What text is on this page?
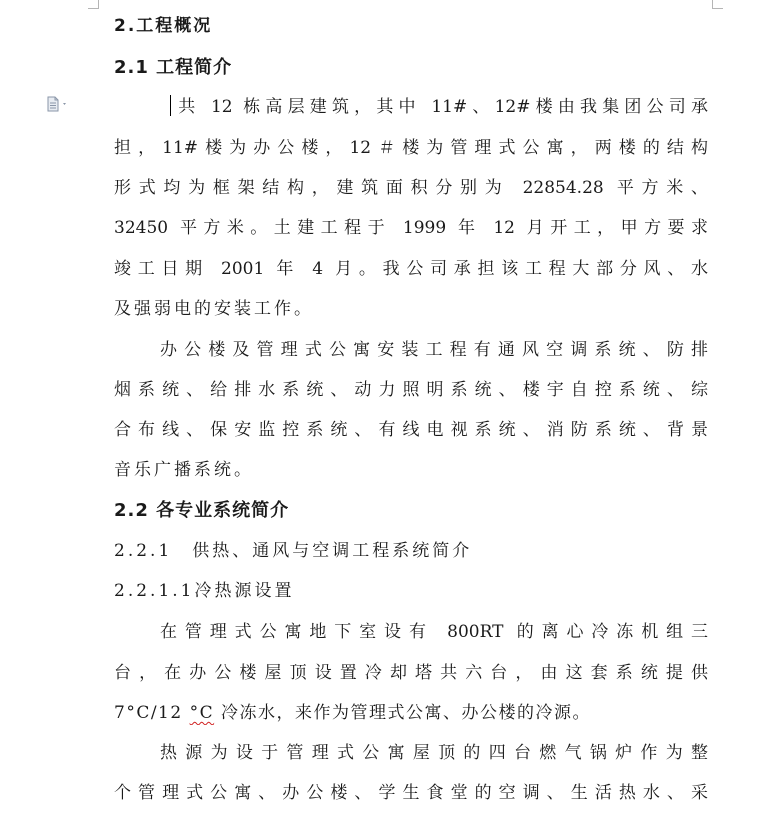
2.工程概况
2.1 工程简介
共 12 栋高层建筑，其中 11#、12#楼由我集团公司承
担，11#楼为办公楼，12＃楼为管理式公寓，两楼的结构
形式均为框架结构，建筑面积分别为 22854.28 平方米、
32450 平方米。土建工程于 1999 年 12 月开工，甲方要求
竣工日期 2001 年 4 月。我公司承担该工程大部分风、水
及强弱电的安装工作。
办公楼及管理式公寓安装工程有通风空调系统、防排
烟系统、给排水系统、动力照明系统、楼宇自控系统、综
合布线、保安监控系统、有线电视系统、消防系统、背景
音乐广播系统。
2.2 各专业系统简介
2.2.1　供热、通风与空调工程系统简介
2.2.1.1冷热源设置
在管理式公寓地下室设有 800RT 的离心冷冻机组三
台，在办公楼屋顶设置冷却塔共六台，由这套系统提供
7°C/12 °C 冷冻水，来作为管理式公寓、办公楼的冷源。
热源为设于管理式公寓屋顶的四台燃气锅炉作为整
个管理式公寓、办公楼、学生食堂的空调、生活热水、采
